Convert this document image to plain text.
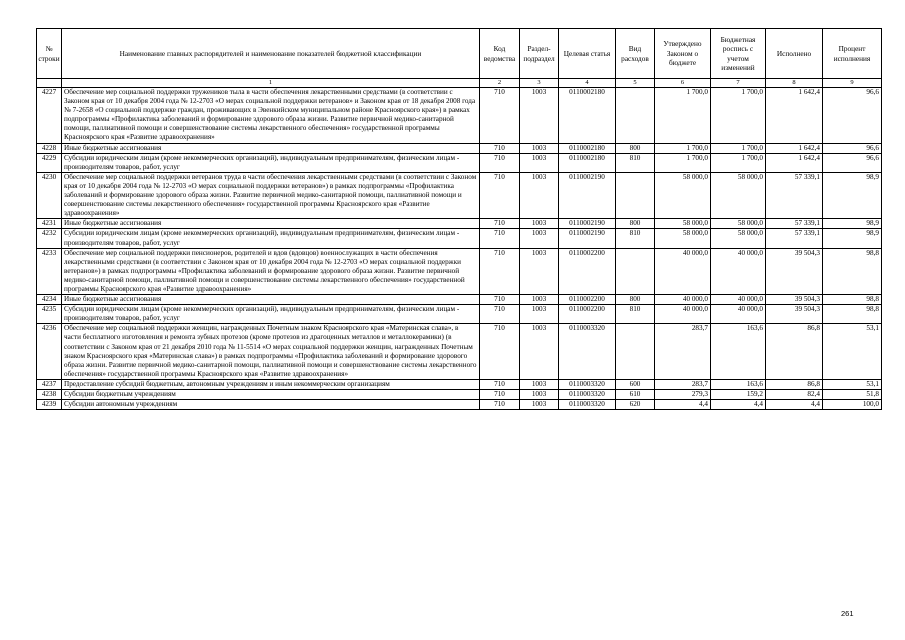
№ строки	Наименование главных распорядителей и наименование показателей бюджетной классификации	Код ведомства	Раздел-подраздел	Целевая статья	Вид расходов	Утверждено Законом о бюджете	Бюджетная роспись с учетом изменений	Исполнено	Процент исполнения
	1	2	3	4	5	6	7	8	9
4227	Обеспечение мер социальной поддержки тружеников тыла в части обеспечения лекарственными средствами (в соответствии с Законом края от 10 декабря 2004 года № 12-2703 «О мерах социальной поддержки ветеранов» и Законом края от 18 декабря 2008 года № 7-2658 «О социальной поддержке граждан, проживающих в Эвенкийском муниципальном районе Красноярского края») в рамках подпрограммы «Профилактика заболеваний и формирование здорового образа жизни. Развитие первичной медико-санитарной помощи, паллиативной помощи и совершенствование системы лекарственного обеспечения» государственной программы Красноярского края «Развитие здравоохранения»	710	1003	0110002180		1 700,0	1 700,0	1 642,4	96,6
4228	Иные бюджетные ассигнования	710	1003	0110002180	800	1 700,0	1 700,0	1 642,4	96,6
4229	Субсидии юридическим лицам (кроме некоммерческих организаций), индивидуальным предпринимателям, физическим лицам - производителям товаров, работ, услуг	710	1003	0110002180	810	1 700,0	1 700,0	1 642,4	96,6
4230	Обеспечение мер социальной поддержки ветеранов труда в части обеспечения лекарственными средствами (в соответствии с Законом края от 10 декабря 2004 года № 12-2703 «О мерах социальной поддержки ветеранов») в рамках подпрограммы «Профилактика заболеваний и формирование здорового образа жизни. Развитие первичной медико-санитарной помощи, паллиативной помощи и совершенствование системы лекарственного обеспечения» государственной программы Красноярского края «Развитие здравоохранения»	710	1003	0110002190		58 000,0	58 000,0	57 339,1	98,9
4231	Иные бюджетные ассигнования	710	1003	0110002190	800	58 000,0	58 000,0	57 339,1	98,9
4232	Субсидии юридическим лицам (кроме некоммерческих организаций), индивидуальным предпринимателям, физическим лицам - производителям товаров, работ, услуг	710	1003	0110002190	810	58 000,0	58 000,0	57 339,1	98,9
4233	Обеспечение мер социальной поддержки пенсионеров, родителей и вдов (вдовцов) военнослужащих в части обеспечения лекарственными средствами (в соответствии с Законом края от 10 декабря 2004 года № 12-2703 «О мерах социальной поддержки ветеранов») в рамках подпрограммы «Профилактика заболеваний и формирование здорового образа жизни. Развитие первичной медико-санитарной помощи, паллиативной помощи и совершенствование системы лекарственного обеспечения» государственной программы Красноярского края «Развитие здравоохранения»	710	1003	0110002200		40 000,0	40 000,0	39 504,3	98,8
4234	Иные бюджетные ассигнования	710	1003	0110002200	800	40 000,0	40 000,0	39 504,3	98,8
4235	Субсидии юридическим лицам (кроме некоммерческих организаций), индивидуальным предпринимателям, физическим лицам - производителям товаров, работ, услуг	710	1003	0110002200	810	40 000,0	40 000,0	39 504,3	98,8
4236	Обеспечение мер социальной поддержки женщин, награжденных Почетным знаком Красноярского края «Материнская слава», в части бесплатного изготовления и ремонта зубных протезов (кроме протезов из драгоценных металлов и металлокерамики) (в соответствии с Законом края от 21 декабря 2010 года № 11-5514 «О мерах социальной поддержки женщин, награжденных Почетным знаком Красноярского края «Материнская слава») в рамках подпрограммы «Профилактика заболеваний и формирование здорового образа жизни. Развитие первичной медико-санитарной помощи, паллиативной помощи и совершенствование системы лекарственного обеспечения» государственной программы Красноярского края «Развитие здравоохранения»	710	1003	0110003320		283,7	163,6	86,8	53,1
4237	Предоставление субсидий бюджетным, автономным учреждениям и иным некоммерческим организациям	710	1003	0110003320	600	283,7	163,6	86,8	53,1
4238	Субсидии бюджетным учреждениям	710	1003	0110003320	610	279,3	159,2	82,4	51,8
4239	Субсидии автономным учреждениям	710	1003	0110003320	620	4,4	4,4	4,4	100,0
261
